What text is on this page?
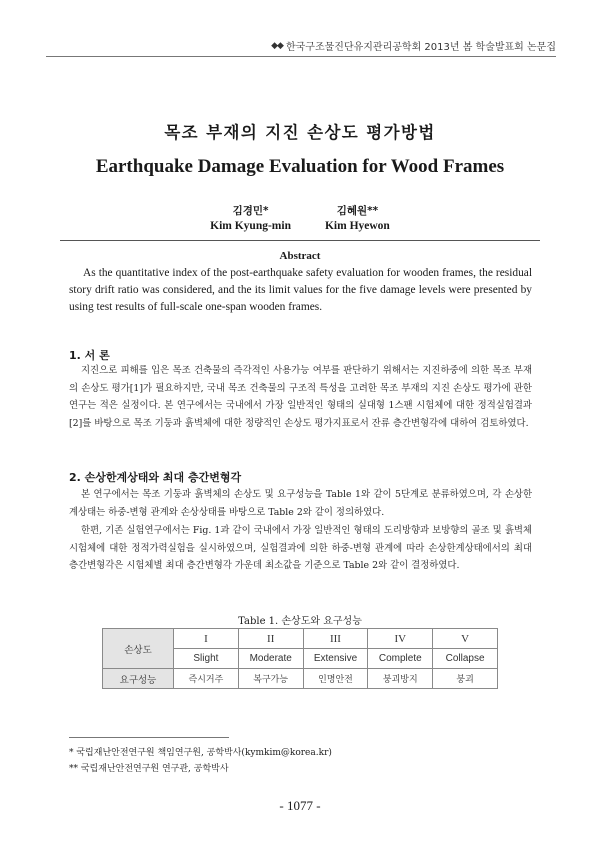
◆◆ 한국구조물진단유지관리공학회 2013년 봄 학술발표회 논문집
목조 부재의 지진 손상도 평가방법
Earthquake Damage Evaluation for Wood Frames
김경민*
Kim Kyung-min
김혜원**
Kim Hyewon
Abstract

As the quantitative index of the post-earthquake safety evaluation for wooden frames, the residual story drift ratio was considered, and the its limit values for the five damage levels were presented by using test results of full-scale one-span wooden frames.

1. 서 론

지진으로 피해를 입은 목조 건축물의 즉각적인 사용가능 여부를 판단하기 위해서는 지진하중에 의한 목조 부재의 손상도 평가[1]가 필요하지만, 국내 목조 건축물의 구조적 특성을 고려한 목조 부재의 지진 손상도 평가에 관한 연구는 적은 실정이다. 본 연구에서는 국내에서 가장 일반적인 형태의 실대형 1스팬 시험체에 대한 정적실험결과[2]를 바탕으로 목조 기둥과 흙벽체에 대한 정량적인 손상도 평가지표로서 잔류 층간변형각에 대하여 검토하였다.

2. 손상한계상태와 최대 층간변형각

본 연구에서는 목조 기둥과 흙벽체의 손상도 및 요구성능을 Table 1와 같이 5단계로 분류하였으며, 각 손상한계상태는 하중-변형 관계와 손상상태를 바탕으로 Table 2와 같이 정의하였다.

한편, 기존 실험연구에서는 Fig. 1과 같이 국내에서 가장 일반적인 형태의 도리방향과 보방향의 골조 및 흙벽체 시험체에 대한 정적가력실험을 실시하였으며, 실험결과에 의한 하중-변형 관계에 따라 손상한계상태에서의 최대 층간변형각은 시험체별 최대 층간변형각 가운데 최소값을 기준으로 Table 2와 같이 결정하였다.

Table 1. 손상도와 요구성능
손상도	I	II	III	IV	V
	Slight	Moderate	Extensive	Complete	Collapse
요구성능	즉시거주	복구가능	인명안전	붕괴방지	붕괴
* 국립재난안전연구원 책임연구원, 공학박사(kymkim@korea.kr)
** 국립재난안전연구원 연구관, 공학박사
- 1077 -
